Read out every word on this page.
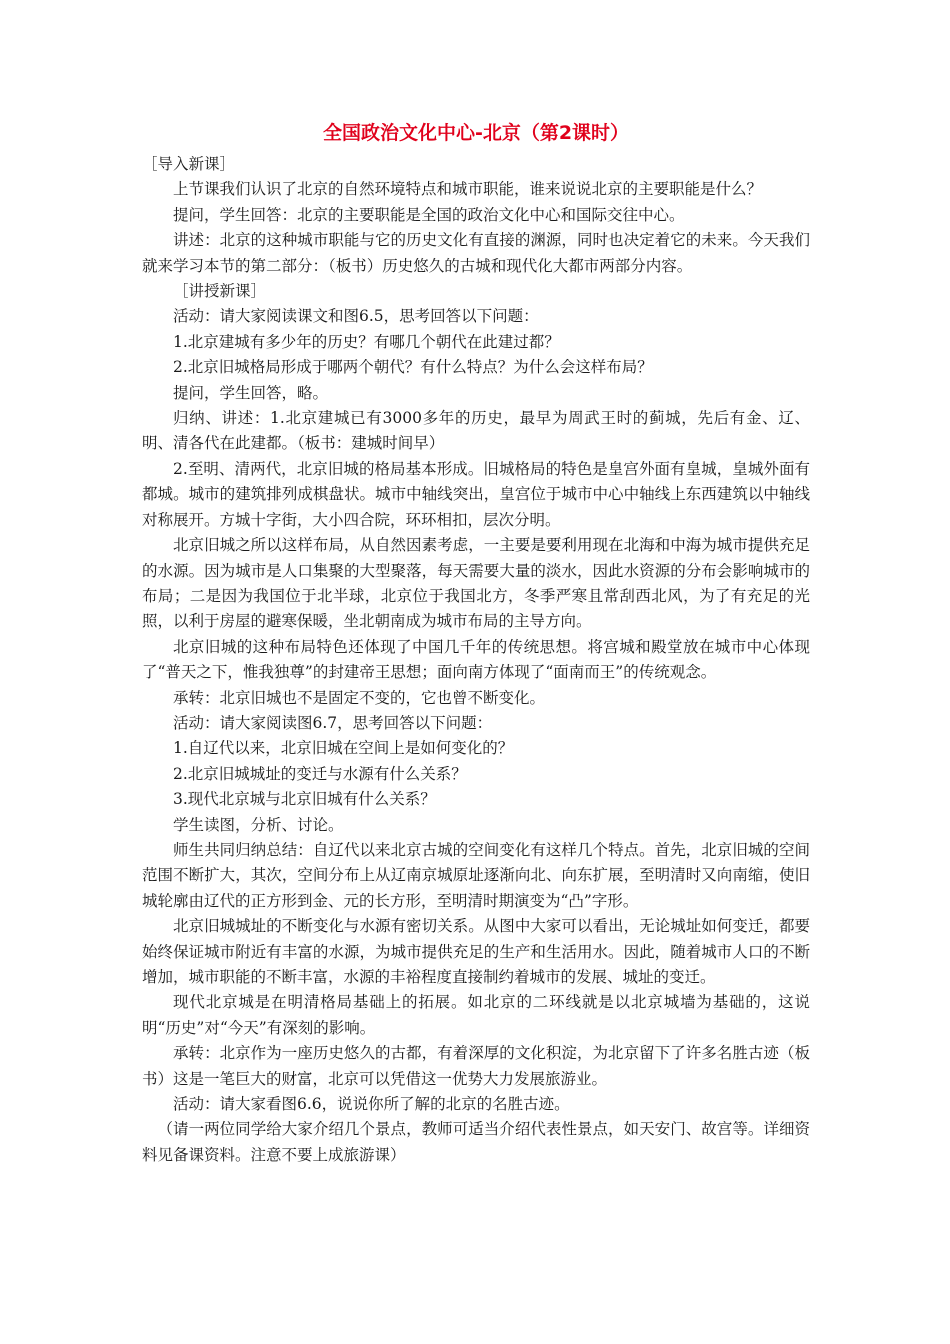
全国政治文化中心-北京（第2课时）

［导入新课］

上节课我们认识了北京的自然环境特点和城市职能，谁来说说北京的主要职能是什么？

提问，学生回答：北京的主要职能是全国的政治文化中心和国际交往中心。

讲述：北京的这种城市职能与它的历史文化有直接的渊源，同时也决定着它的未来。今天我们就来学习本节的第二部分：（板书）历史悠久的古城和现代化大都市两部分内容。

［讲授新课］

活动：请大家阅读课文和图6.5，思考回答以下问题：

1.北京建城有多少年的历史？有哪几个朝代在此建过都？

2.北京旧城格局形成于哪两个朝代？有什么特点？为什么会这样布局？

提问，学生回答，略。

归纳、讲述：1.北京建城已有3000多年的历史，最早为周武王时的蓟城，先后有金、辽、明、清各代在此建都。（板书：建城时间早）

2.至明、清两代，北京旧城的格局基本形成。旧城格局的特色是皇宫外面有皇城，皇城外面有都城。城市的建筑排列成棋盘状。城市中轴线突出，皇宫位于城市中心中轴线上东西建筑以中轴线对称展开。方城十字街，大小四合院，环环相扣，层次分明。

北京旧城之所以这样布局，从自然因素考虑，一主要是要利用现在北海和中海为城市提供充足的水源。因为城市是人口集聚的大型聚落，每天需要大量的淡水，因此水资源的分布会影响城市的布局；二是因为我国位于北半球，北京位于我国北方，冬季严寒且常刮西北风，为了有充足的光照，以利于房屋的避寒保暖，坐北朝南成为城市布局的主导方向。

北京旧城的这种布局特色还体现了中国几千年的传统思想。将宫城和殿堂放在城市中心体现了“普天之下，惟我独尊”的封建帝王思想；面向南方体现了“面南而王”的传统观念。

承转：北京旧城也不是固定不变的，它也曾不断变化。

活动：请大家阅读图6.7，思考回答以下问题：

1.自辽代以来，北京旧城在空间上是如何变化的？

2.北京旧城城址的变迁与水源有什么关系？

3.现代北京城与北京旧城有什么关系？

学生读图，分析、讨论。

师生共同归纳总结：自辽代以来北京古城的空间变化有这样几个特点。首先，北京旧城的空间范围不断扩大，其次，空间分布上从辽南京城原址逐渐向北、向东扩展，至明清时又向南缩，使旧城轮廓由辽代的正方形到金、元的长方形，至明清时期演变为“凸”字形。

北京旧城城址的不断变化与水源有密切关系。从图中大家可以看出，无论城址如何变迁，都要始终保证城市附近有丰富的水源，为城市提供充足的生产和生活用水。因此，随着城市人口的不断增加，城市职能的不断丰富，水源的丰裕程度直接制约着城市的发展、城址的变迁。

现代北京城是在明清格局基础上的拓展。如北京的二环线就是以北京城墙为基础的，这说明“历史”对“今天”有深刻的影响。

承转：北京作为一座历史悠久的古都，有着深厚的文化积淀，为北京留下了许多名胜古迹（板书）这是一笔巨大的财富，北京可以凭借这一优势大力发展旅游业。

活动：请大家看图6.6，说说你所了解的北京的名胜古迹。

（请一两位同学给大家介绍几个景点，教师可适当介绍代表性景点，如天安门、故宫等。详细资料见备课资料。注意不要上成旅游课）
